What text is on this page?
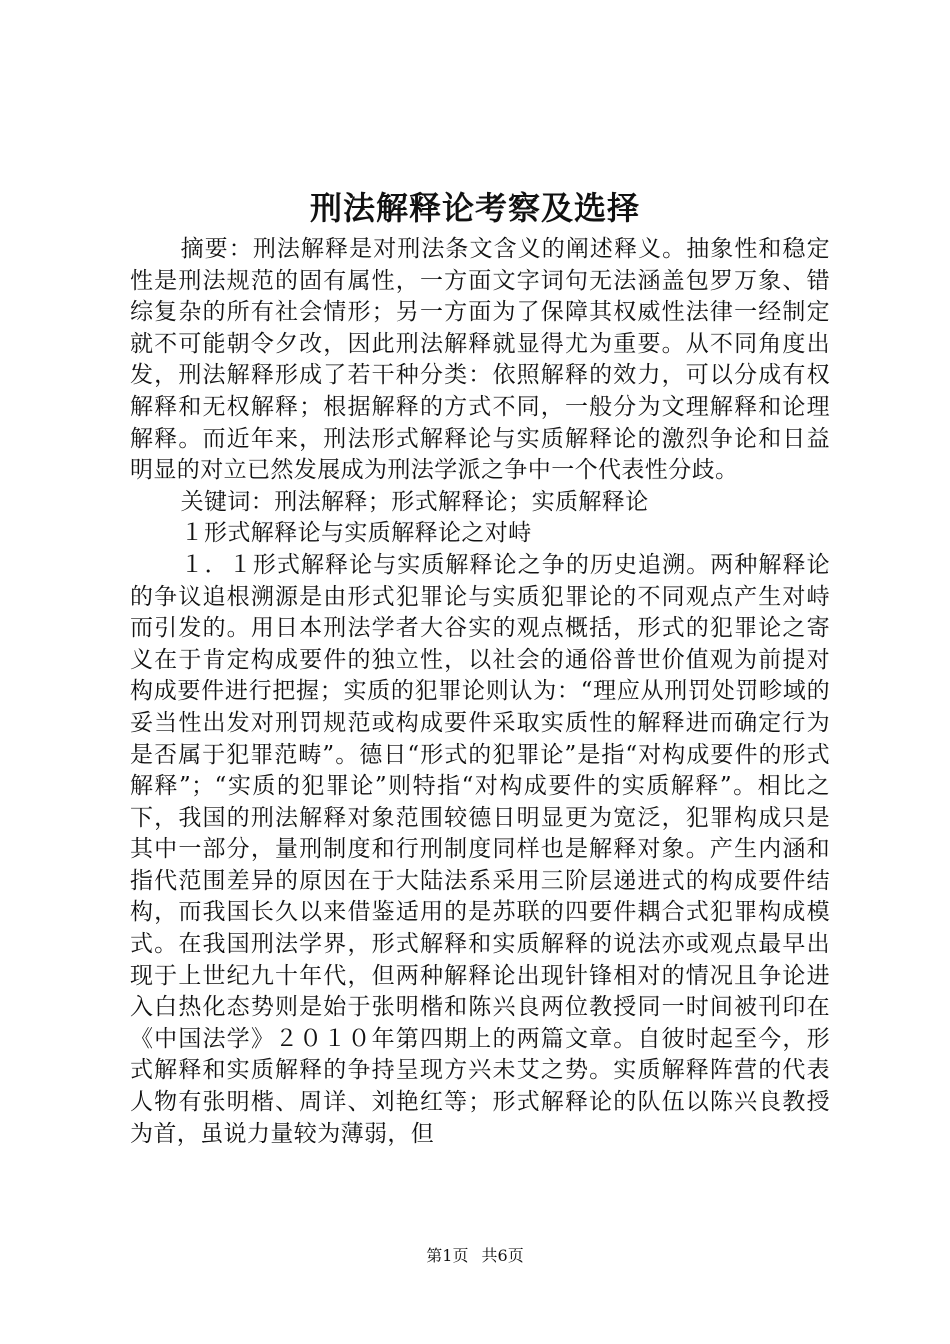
刑法解释论考察及选择

摘要：刑法解释是对刑法条文含义的阐述释义。抽象性和稳定性是刑法规范的固有属性，一方面文字词句无法涵盖包罗万象、错综复杂的所有社会情形；另一方面为了保障其权威性法律一经制定就不可能朝令夕改，因此刑法解释就显得尤为重要。从不同角度出发，刑法解释形成了若干种分类：依照解释的效力，可以分成有权解释和无权解释；根据解释的方式不同，一般分为文理解释和论理解释。而近年来，刑法形式解释论与实质解释论的激烈争论和日益明显的对立已然发展成为刑法学派之争中一个代表性分歧。

关键词：刑法解释；形式解释论；实质解释论

１形式解释论与实质解释论之对峙

１．１形式解释论与实质解释论之争的历史追溯。两种解释论的争议追根溯源是由形式犯罪论与实质犯罪论的不同观点产生对峙而引发的。用日本刑法学者大谷实的观点概括，形式的犯罪论之寄义在于肯定构成要件的独立性，以社会的通俗普世价值观为前提对构成要件进行把握；实质的犯罪论则认为：“理应从刑罚处罚畛域的妥当性出发对刑罚规范或构成要件采取实质性的解释进而确定行为是否属于犯罪范畴”。德日“形式的犯罪论”是指“对构成要件的形式解释”；“实质的犯罪论”则特指“对构成要件的实质解释”。相比之下，我国的刑法解释对象范围较德日明显更为宽泛，犯罪构成只是其中一部分，量刑制度和行刑制度同样也是解释对象。产生内涵和指代范围差异的原因在于大陆法系采用三阶层递进式的构成要件结构，而我国长久以来借鉴适用的是苏联的四要件耦合式犯罪构成模式。在我国刑法学界，形式解释和实质解释的说法亦或观点最早出现于上世纪九十年代，但两种解释论出现针锋相对的情况且争论进入白热化态势则是始于张明楷和陈兴良两位教授同一时间被刊印在《中国法学》２０１０年第四期上的两篇文章。自彼时起至今，形式解释和实质解释的争持呈现方兴未艾之势。实质解释阵营的代表人物有张明楷、周详、刘艳红等；形式解释论的队伍以陈兴良教授为首，虽说力量较为薄弱，但

第1页 共6页
